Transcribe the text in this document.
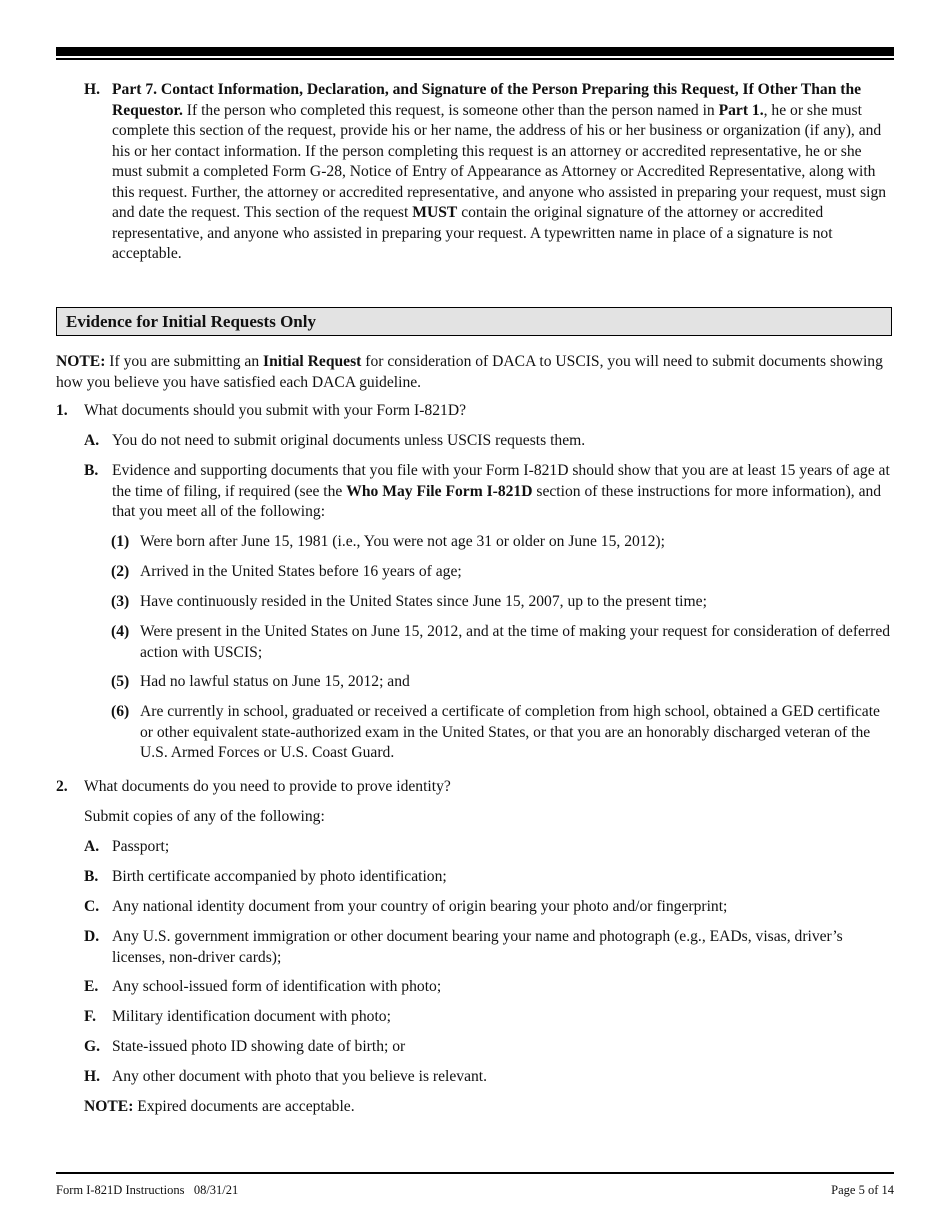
H. Part 7. Contact Information, Declaration, and Signature of the Person Preparing this Request, If Other Than the Requestor. If the person who completed this request, is someone other than the person named in Part 1., he or she must complete this section of the request, provide his or her name, the address of his or her business or organization (if any), and his or her contact information. If the person completing this request is an attorney or accredited representative, he or she must submit a completed Form G-28, Notice of Entry of Appearance as Attorney or Accredited Representative, along with this request. Further, the attorney or accredited representative, and anyone who assisted in preparing your request, must sign and date the request. This section of the request MUST contain the original signature of the attorney or accredited representative, and anyone who assisted in preparing your request. A typewritten name in place of a signature is not acceptable.
Evidence for Initial Requests Only
NOTE: If you are submitting an Initial Request for consideration of DACA to USCIS, you will need to submit documents showing how you believe you have satisfied each DACA guideline.
1. What documents should you submit with your Form I-821D?
A. You do not need to submit original documents unless USCIS requests them.
B. Evidence and supporting documents that you file with your Form I-821D should show that you are at least 15 years of age at the time of filing, if required (see the Who May File Form I-821D section of these instructions for more information), and that you meet all of the following:
(1) Were born after June 15, 1981 (i.e., You were not age 31 or older on June 15, 2012);
(2) Arrived in the United States before 16 years of age;
(3) Have continuously resided in the United States since June 15, 2007, up to the present time;
(4) Were present in the United States on June 15, 2012, and at the time of making your request for consideration of deferred action with USCIS;
(5) Had no lawful status on June 15, 2012; and
(6) Are currently in school, graduated or received a certificate of completion from high school, obtained a GED certificate or other equivalent state-authorized exam in the United States, or that you are an honorably discharged veteran of the U.S. Armed Forces or U.S. Coast Guard.
2. What documents do you need to provide to prove identity?
Submit copies of any of the following:
A. Passport;
B. Birth certificate accompanied by photo identification;
C. Any national identity document from your country of origin bearing your photo and/or fingerprint;
D. Any U.S. government immigration or other document bearing your name and photograph (e.g., EADs, visas, driver’s licenses, non-driver cards);
E. Any school-issued form of identification with photo;
F. Military identification document with photo;
G. State-issued photo ID showing date of birth; or
H. Any other document with photo that you believe is relevant.
NOTE: Expired documents are acceptable.
Form I-821D Instructions   08/31/21	Page 5 of 14
